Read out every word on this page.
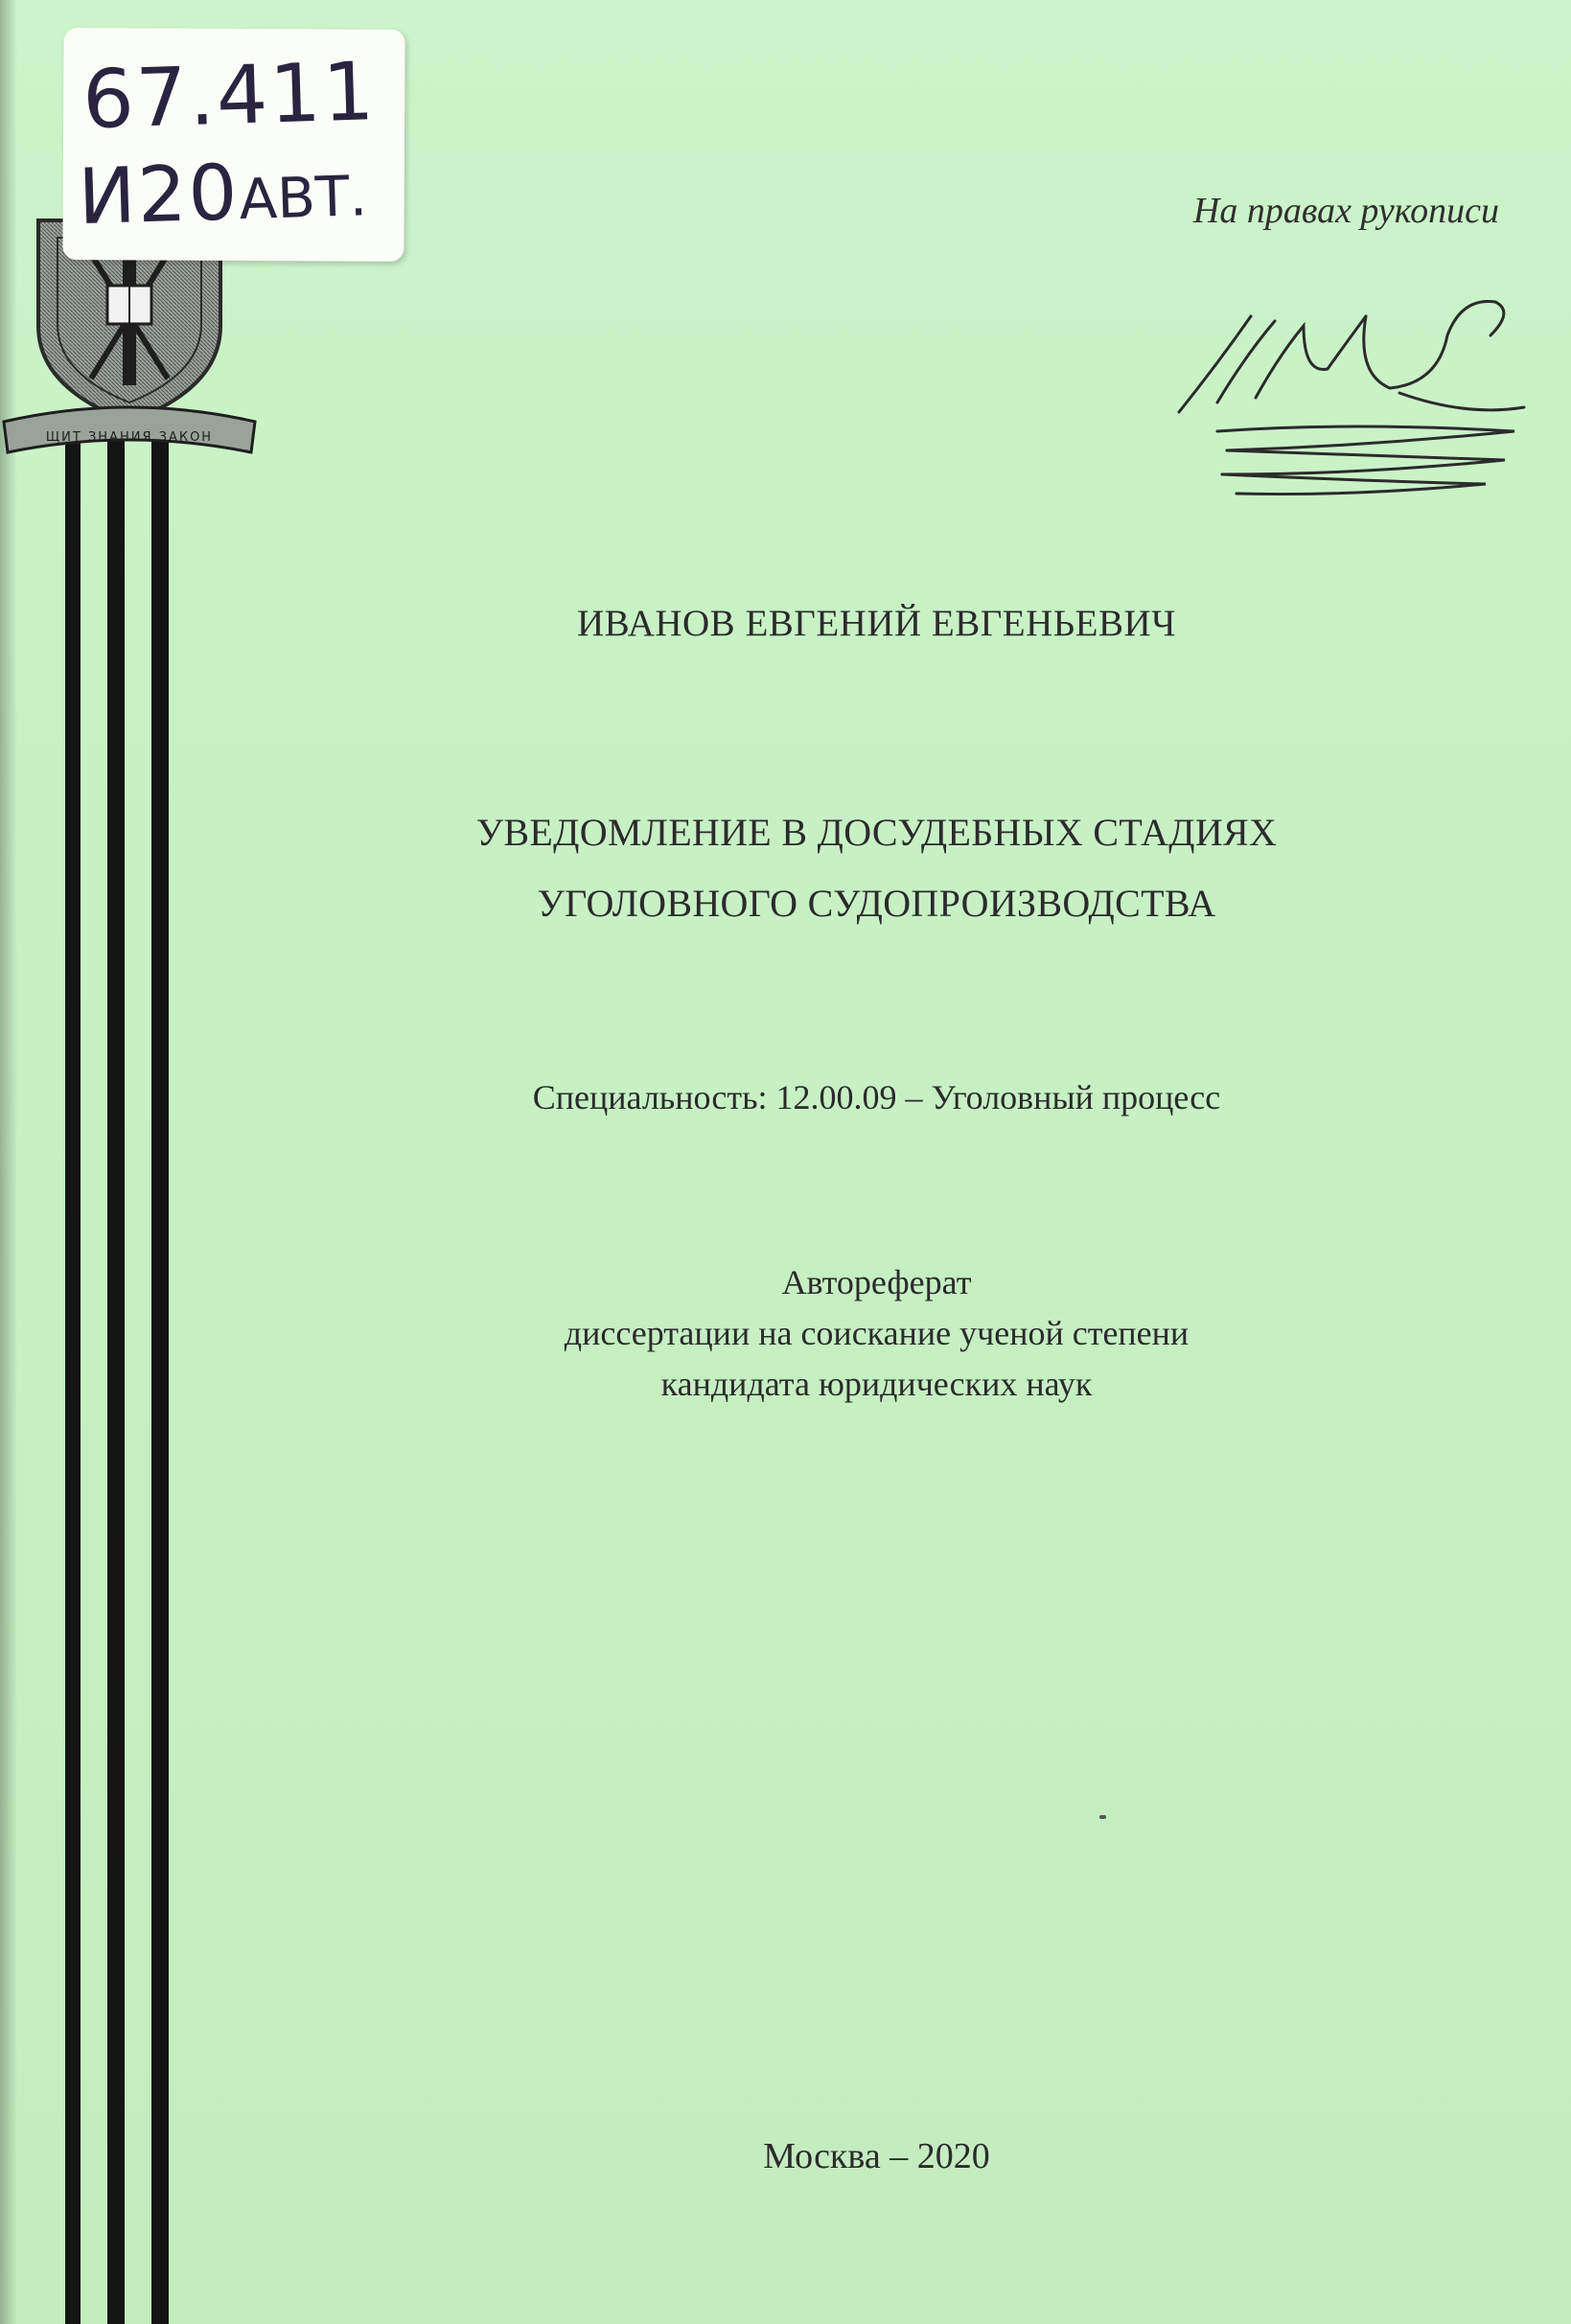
ЩИТ ЗНАНИЯ ЗАКОН
67.411
И20АВТ.	На правах рукописи
ИВАНОВ ЕВГЕНИЙ ЕВГЕНЬЕВИЧ
УВЕДОМЛЕНИЕ В ДОСУДЕБНЫХ СТАДИЯХ
УГОЛОВНОГО СУДОПРОИЗВОДСТВА
Специальность: 12.00.09 – Уголовный процесс
Автореферат
диссертации на соискание ученой степени
кандидата юридических наук
Москва – 2020
